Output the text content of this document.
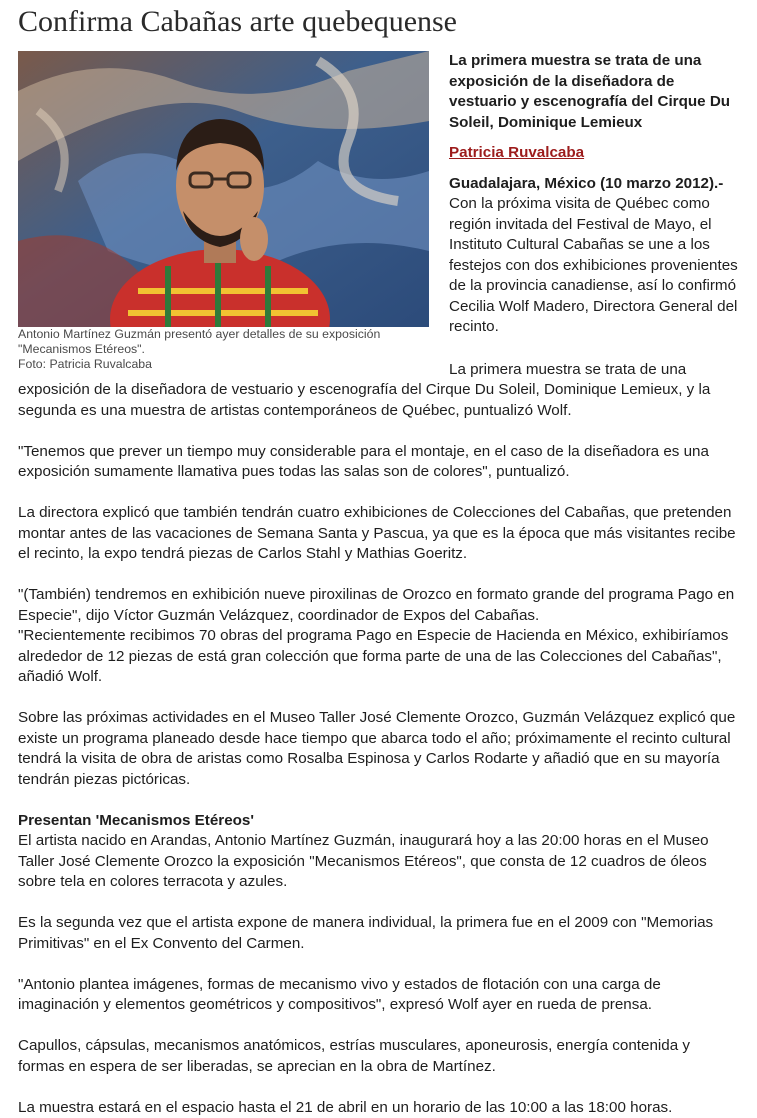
Confirma Cabañas arte quebequense
Antonio Martínez Guzmán presentó ayer detalles de su exposición "Mecanismos Etéreos".
Foto: Patricia Ruvalcaba

La primera muestra se trata de una exposición de la diseñadora de vestuario y escenografía del Cirque Du Soleil, Dominique Lemieux

Patricia Ruvalcaba

Guadalajara, México (10 marzo 2012).- Con la próxima visita de Québec como región invitada del Festival de Mayo, el Instituto Cultural Cabañas se une a los festejos con dos exhibiciones provenientes de la provincia canadiense, así lo confirmó Cecilia Wolf Madero, Directora General del recinto.

La primera muestra se trata de una exposición de la diseñadora de vestuario y escenografía del Cirque Du Soleil, Dominique Lemieux, y la segunda es una muestra de artistas contemporáneos de Québec, puntualizó Wolf.

"Tenemos que prever un tiempo muy considerable para el montaje, en el caso de la diseñadora es una exposición sumamente llamativa pues todas las salas son de colores", puntualizó.

La directora explicó que también tendrán cuatro exhibiciones de Colecciones del Cabañas, que pretenden montar antes de las vacaciones de Semana Santa y Pascua, ya que es la época que más visitantes recibe el recinto, la expo tendrá piezas de Carlos Stahl y Mathias Goeritz.

"(También) tendremos en exhibición nueve piroxilinas de Orozco en formato grande del programa Pago en Especie", dijo Víctor Guzmán Velázquez, coordinador de Expos del Cabañas.

"Recientemente recibimos 70 obras del programa Pago en Especie de Hacienda en México, exhibiríamos alrededor de 12 piezas de está gran colección que forma parte de una de las Colecciones del Cabañas", añadió Wolf.

Sobre las próximas actividades en el Museo Taller José Clemente Orozco, Guzmán Velázquez explicó que existe un programa planeado desde hace tiempo que abarca todo el año; próximamente el recinto cultural tendrá la visita de obra de aristas como Rosalba Espinosa y Carlos Rodarte y añadió que en su mayoría tendrán piezas pictóricas.

Presentan 'Mecanismos Etéreos'

El artista nacido en Arandas, Antonio Martínez Guzmán, inaugurará hoy a las 20:00 horas en el Museo Taller José Clemente Orozco la exposición "Mecanismos Etéreos", que consta de 12 cuadros de óleos sobre tela en colores terracota y azules.

Es la segunda vez que el artista expone de manera individual, la primera fue en el 2009 con "Memorias Primitivas" en el Ex Convento del Carmen.

"Antonio plantea imágenes, formas de mecanismo vivo y estados de flotación con una carga de imaginación y elementos geométricos y compositivos", expresó Wolf ayer en rueda de prensa.

Capullos, cápsulas, mecanismos anatómicos, estrías musculares, aponeurosis, energía contenida y formas en espera de ser liberadas, se aprecian en la obra de Martínez.

La muestra estará en el espacio hasta el 21 de abril en un horario de las 10:00 a las 18:00 horas.
